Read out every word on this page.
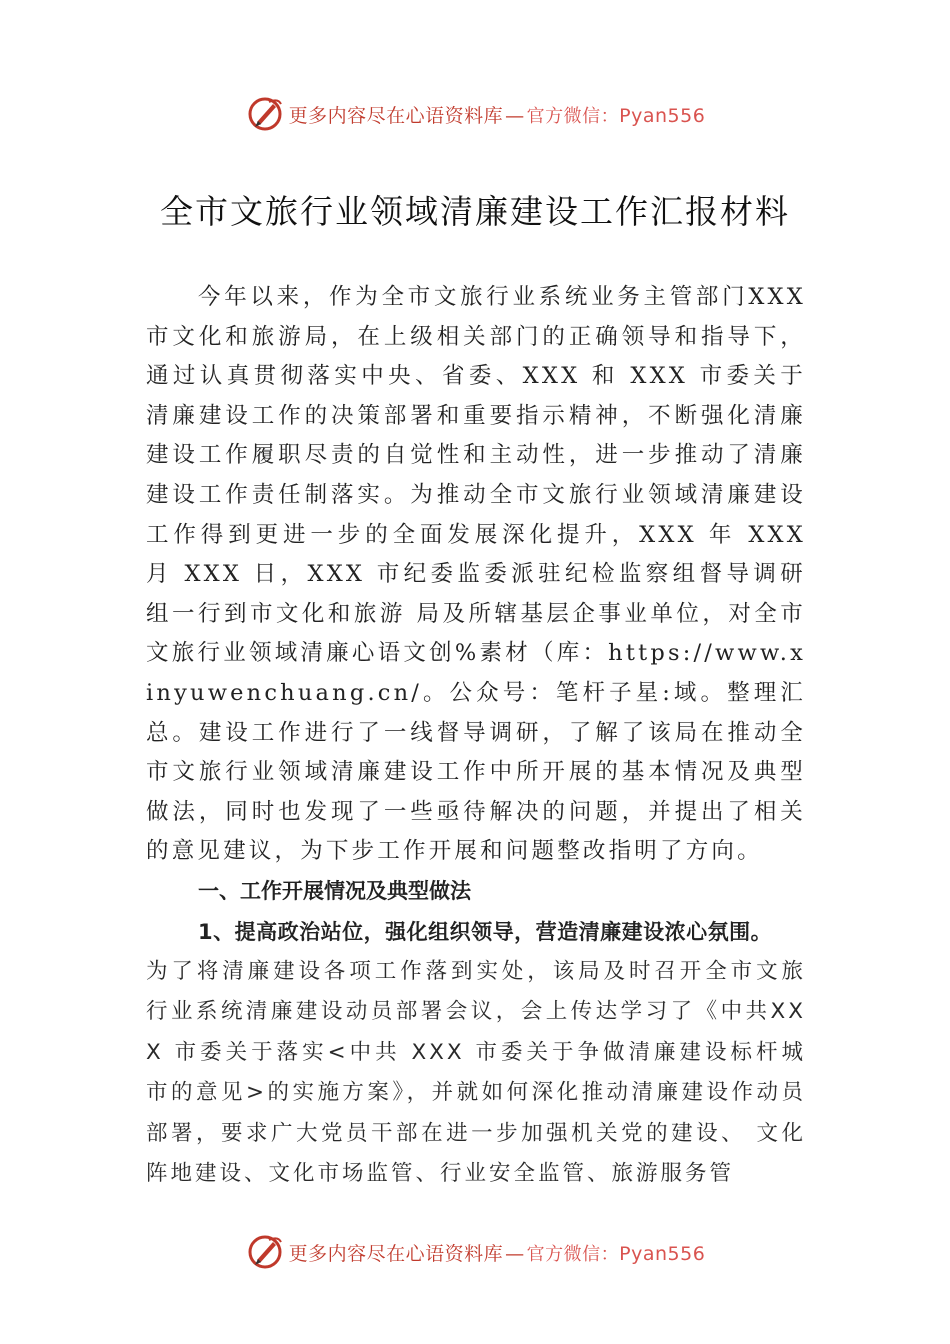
更多内容尽在心语资料库 — 官方微信：Pyan556
全市文旅行业领域清廉建设工作汇报材料

今年以来，作为全市文旅行业系统业务主管部门XXX市文化和旅游局，在上级相关部门的正确领导和指导下，通过认真贯彻落实中央、省委、XXX 和 XXX 市委关于清廉建设工作的决策部署和重要指示精神，不断强化清廉建设工作履职尽责的自觉性和主动性，进一步推动了清廉建设工作责任制落实。为推动全市文旅行业领域清廉建设工作得到更进一步的全面发展深化提升，XXX 年 XXX 月 XXX 日，XXX 市纪委监委派驻纪检监察组督导调研组一行到市文化和旅游 局及所辖基层企事业单位，对全市文旅行业领域清廉心语文创%素材（库：https://www.xinyuwenchuang.cn/。公众号：笔杆子星:域。整理汇总。建设工作进行了一线督导调研，了解了该局在推动全市文旅行业领域清廉建设工作中所开展的基本情况及典型做法，同时也发现了一些亟待解决的问题，并提出了相关的意见建议，为下步工作开展和问题整改指明了方向。

一、工作开展情况及典型做法

1、提高政治站位，强化组织领导，营造清廉建设浓心氛围。

为了将清廉建设各项工作落到实处，该局及时召开全市文旅行业系统清廉建设动员部署会议，会上传达学习了《中共XXX 市委关于落实<中共 XXX 市委关于争做清廉建设标杆城市的意见>的实施方案》，并就如何深化推动清廉建设作动员部署，要求广大党员干部在进一步加强机关党的建设、 文化阵地建设、文化市场监管、行业安全监管、旅游服务管

更多内容尽在心语资料库 — 官方微信：Pyan556
